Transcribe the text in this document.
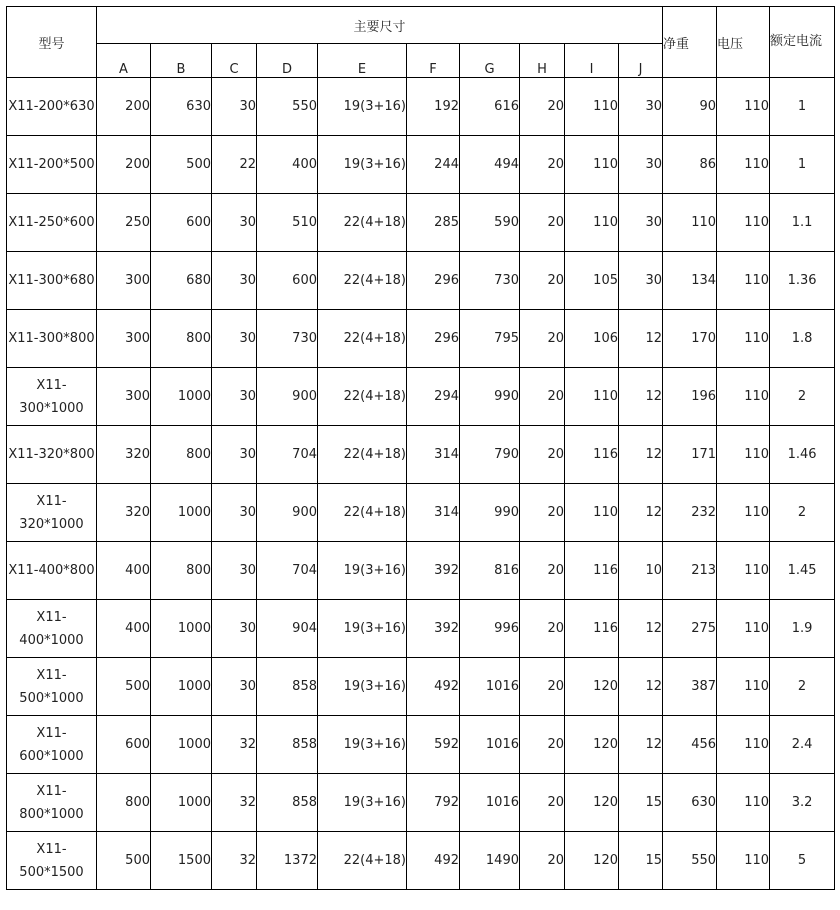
型号	主要尺寸										净重	电压	额定电流
	A	B	C	D	E	F	G	H	I	J			
X11-200*630	200	630	30	550	19(3+16)	192	616	20	110	30	90	110	1
X11-200*500	200	500	22	400	19(3+16)	244	494	20	110	30	86	110	1
X11-250*600	250	600	30	510	22(4+18)	285	590	20	110	30	110	110	1.1
X11-300*680	300	680	30	600	22(4+18)	296	730	20	105	30	134	110	1.36
X11-300*800	300	800	30	730	22(4+18)	296	795	20	106	12	170	110	1.8
X11-300*1000	300	1000	30	900	22(4+18)	294	990	20	110	12	196	110	2
X11-320*800	320	800	30	704	22(4+18)	314	790	20	116	12	171	110	1.46
X11-320*1000	320	1000	30	900	22(4+18)	314	990	20	110	12	232	110	2
X11-400*800	400	800	30	704	19(3+16)	392	816	20	116	10	213	110	1.45
X11-400*1000	400	1000	30	904	19(3+16)	392	996	20	116	12	275	110	1.9
X11-500*1000	500	1000	30	858	19(3+16)	492	1016	20	120	12	387	110	2
X11-600*1000	600	1000	32	858	19(3+16)	592	1016	20	120	12	456	110	2.4
X11-800*1000	800	1000	32	858	19(3+16)	792	1016	20	120	15	630	110	3.2
X11-500*1500	500	1500	32	1372	22(4+18)	492	1490	20	120	15	550	110	5
